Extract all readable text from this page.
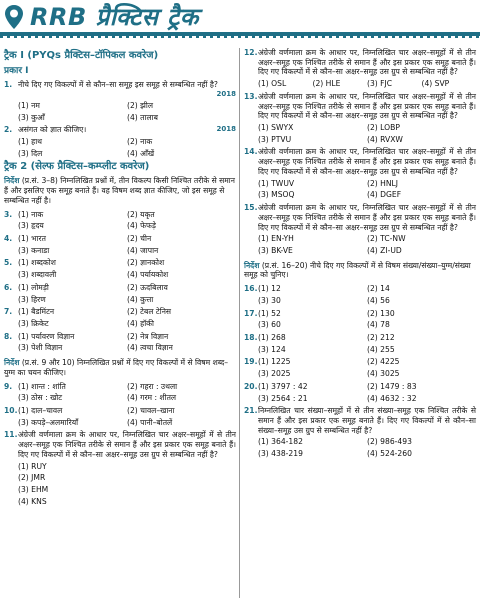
RRB प्रैक्टिस ट्रैक
ट्रैक I (PYQs प्रैक्टिस–टॉपिकल कवरेज)
प्रकार I
1. नीचे दिए गए विकल्पों में से कौन–सा समूह इस समूह से सम्बन्धित नहीं है?
2018
(1) नम	(2) झील
(3) कुआँ	(4) तालाब
2. असंगत को ज्ञात कीजिए।	2018
(1) हाथ	(2) नाक
(3) दिल	(4) आँखें
ट्रैक 2 (सेल्फ प्रैक्टिस–कम्प्लीट कवरेज)
निर्देश (प्र.सं. 3–8) निम्नलिखित प्रश्नों में, तीन विकल्प किसी निश्चित तरीके से समान हैं और इसलिए एक समूह बनाते हैं। वह विषम शब्द ज्ञात कीजिए, जो इस समूह से सम्बन्धित नहीं है।
3. (1) नाक	(2) यकृत
(3) हृदय	(4) फेफड़े
4. (1) भारत	(2) चीन
(3) कनाडा	(4) जापान
5. (1) शब्दकोश	(2) ज्ञानकोश
(3) शब्दावली	(4) पर्यायकोश
6. (1) लोमड़ी	(2) ऊदबिलाव
(3) हिरण	(4) कुत्ता
7. (1) बैडमिंटन	(2) टेबल टेनिस
(3) क्रिकेट	(4) हॉकी
8. (1) पर्यावरण विज्ञान	(2) नेत्र विज्ञान
(3) पेशी विज्ञान	(4) त्वचा विज्ञान
निर्देश (प्र.सं. 9 और 10) निम्नलिखित प्रश्नों में दिए गए विकल्पों में से विषम शब्द–युग्म का चयन कीजिए।
9. (1) शान्त : शांति	(2) गहरा : उथला
(3) ठोस : खोट	(4) गरम : शीतल
10. (1) दाल–चावल	(2) चावल–खाना
(3) कपड़े–अलमारियाँ	(4) पानी–बोतलें
11. अंग्रेजी वर्णमाला क्रम के आधार पर, निम्नलिखित चार अक्षर–समूहों में से तीन अक्षर–समूह एक निश्चित तरीके से समान हैं और इस प्रकार एक समूह बनाते हैं। दिए गए विकल्पों में से कौन–सा अक्षर–समूह उस ग्रुप से सम्बन्धित नहीं है?
(1) RUY
(2) JMR
(3) EHM
(4) KNS
12. अंग्रेजी वर्णमाला क्रम के आधार पर, निम्नलिखित चार अक्षर–समूहों में से तीन अक्षर–समूह एक निश्चित तरीके से समान हैं और इस प्रकार एक समूह बनाते हैं। दिए गए विकल्पों में से कौन–सा अक्षर–समूह उस ग्रुप से सम्बन्धित नहीं है?
(1) OSL	(2) HLE	(3) FJC	(4) SVP
13. अंग्रेजी वर्णमाला क्रम के आधार पर, निम्नलिखित चार अक्षर–समूहों में से तीन अक्षर–समूह एक निश्चित तरीके से समान हैं और इस प्रकार एक समूह बनाते हैं। दिए गए विकल्पों में से कौन–सा अक्षर–समूह उस ग्रुप से सम्बन्धित नहीं है?
(1) SWYX	(2) LOBP
(3) PTVU	(4) RVXW
14. अंग्रेजी वर्णमाला क्रम के आधार पर, निम्नलिखित चार अक्षर–समूहों में से तीन अक्षर–समूह एक निश्चित तरीके से समान हैं और इस प्रकार एक समूह बनाते हैं। दिए गए विकल्पों में से कौन–सा अक्षर–समूह उस ग्रुप से सम्बन्धित नहीं है?
(1) TWUV	(2) HNLJ
(3) MSOQ	(4) DGEF
15. अंग्रेजी वर्णमाला क्रम के आधार पर, निम्नलिखित चार अक्षर–समूहों में से तीन अक्षर–समूह एक निश्चित तरीके से समान हैं और इस प्रकार एक समूह बनाते हैं। दिए गए विकल्पों में से कौन–सा अक्षर–समूह उस ग्रुप से सम्बन्धित नहीं है?
(1) EN-YH	(2) TC-NW
(3) BK-VE	(4) ZI-UD
निर्देश (प्र.सं. 16–20) नीचे दिए गए विकल्पों में से विषम संख्या/संख्या–युग्म/संख्या समूह को चुनिए।
16. (1) 12	(2) 14
(3) 30	(4) 56
17. (1) 52	(2) 130
(3) 60	(4) 78
18. (1) 268	(2) 212
(3) 124	(4) 255
19. (1) 1225	(2) 4225
(3) 2025	(4) 3025
20. (1) 3797 : 42	(2) 1479 : 83
(3) 2564 : 21	(4) 4632 : 32
21. निम्नलिखित चार संख्या–समूहों में से तीन संख्या–समूह एक निश्चित तरीके से समान हैं और इस प्रकार एक समूह बनाते हैं। दिए गए विकल्पों में से कौन–सा संख्या–समूह उस ग्रुप से सम्बन्धित नहीं है?
(1) 364-182	(2) 986-493
(3) 438-219	(4) 524-260
